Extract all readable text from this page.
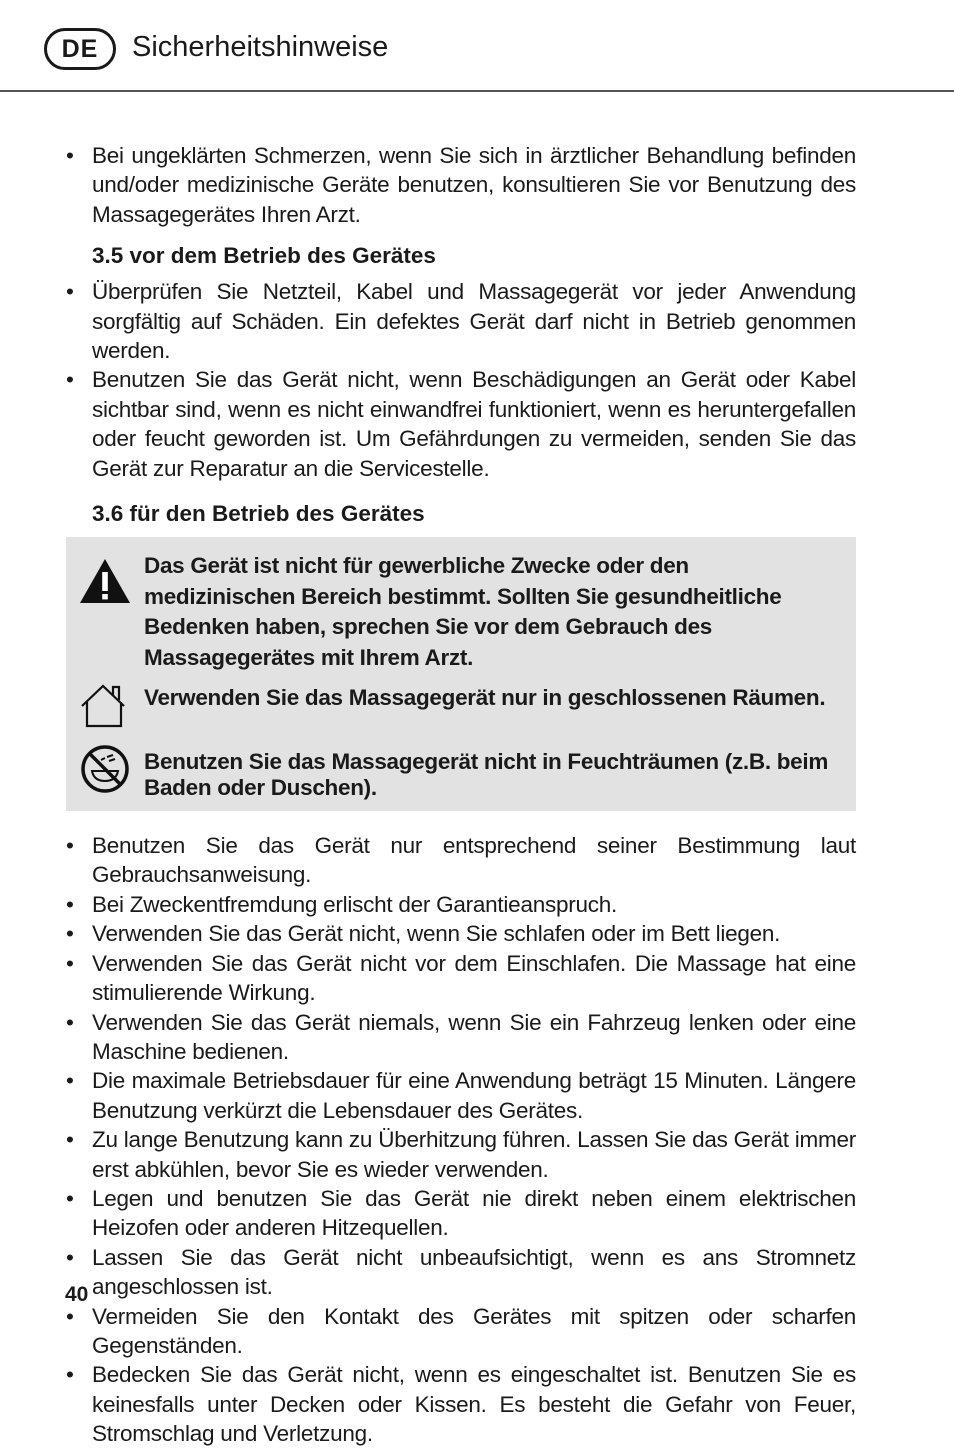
DE	Sicherheitshinweise
• Bei ungeklärten Schmerzen, wenn Sie sich in ärztlicher Behandlung befinden und/oder medizinische Geräte benutzen, konsultieren Sie vor Benutzung des Massagegerätes Ihren Arzt.
3.5 vor dem Betrieb des Gerätes
• Überprüfen Sie Netzteil, Kabel und Massagegerät vor jeder Anwendung sorgfältig auf Schäden. Ein defektes Gerät darf nicht in Betrieb genommen werden.
• Benutzen Sie das Gerät nicht, wenn Beschädigungen an Gerät oder Kabel sichtbar sind, wenn es nicht einwandfrei funktioniert, wenn es heruntergefallen oder feucht geworden ist. Um Gefährdungen zu vermeiden, senden Sie das Gerät zur Reparatur an die Servicestelle.
3.6 für den Betrieb des Gerätes
Das Gerät ist nicht für gewerbliche Zwecke oder den medizinischen Bereich bestimmt. Sollten Sie gesundheitliche Bedenken haben, sprechen Sie vor dem Gebrauch des Massagegerätes mit Ihrem Arzt.
Verwenden Sie das Massagegerät nur in geschlossenen Räumen.
Benutzen Sie das Massagegerät nicht in Feuchträumen (z.B. beim Baden oder Duschen).
• Benutzen Sie das Gerät nur entsprechend seiner Bestimmung laut Gebrauchsanweisung.
• Bei Zweckentfremdung erlischt der Garantieanspruch.
• Verwenden Sie das Gerät nicht, wenn Sie schlafen oder im Bett liegen.
• Verwenden Sie das Gerät nicht vor dem Einschlafen. Die Massage hat eine stimulierende Wirkung.
• Verwenden Sie das Gerät niemals, wenn Sie ein Fahrzeug lenken oder eine Maschine bedienen.
• Die maximale Betriebsdauer für eine Anwendung beträgt 15 Minuten. Längere Benutzung verkürzt die Lebensdauer des Gerätes.
• Zu lange Benutzung kann zu Überhitzung führen. Lassen Sie das Gerät immer erst abkühlen, bevor Sie es wieder verwenden.
• Legen und benutzen Sie das Gerät nie direkt neben einem elektrischen Heizofen oder anderen Hitzequellen.
• Lassen Sie das Gerät nicht unbeaufsichtigt, wenn es ans Stromnetz angeschlossen ist.
• Vermeiden Sie den Kontakt des Gerätes mit spitzen oder scharfen Gegenständen.
• Bedecken Sie das Gerät nicht, wenn es eingeschaltet ist. Benutzen Sie es keinesfalls unter Decken oder Kissen. Es besteht die Gefahr von Feuer, Stromschlag und Verletzung.
40
